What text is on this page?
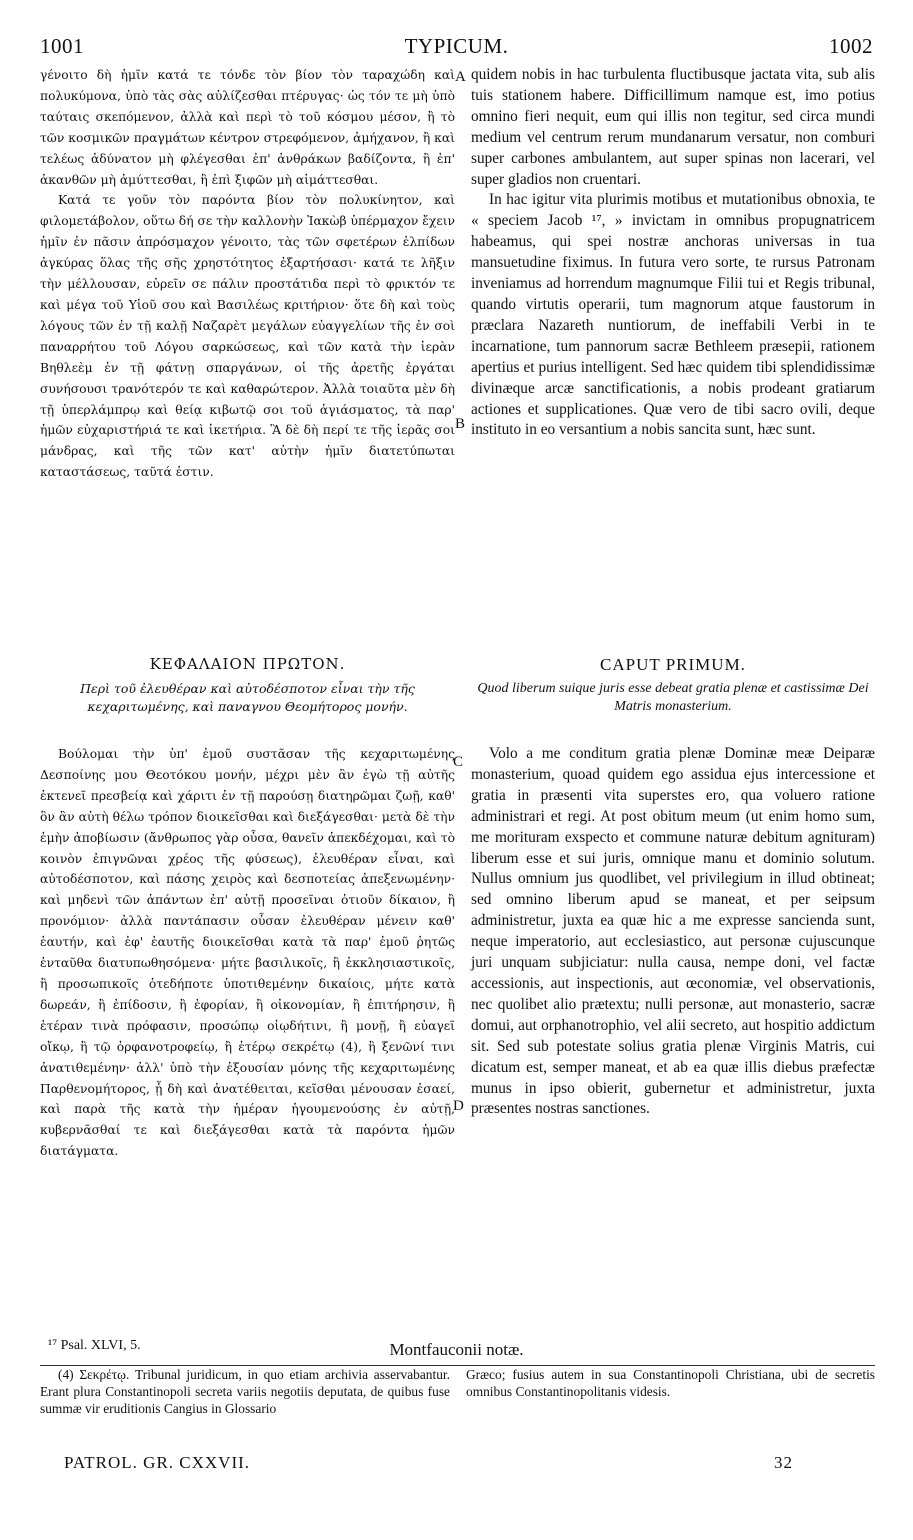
1001	TYPICUM.	1002

γένοιτο δὴ ἡμῖν κατά τε τόνδε τὸν βίον τὸν ταραχώδη καὶ πολυκύμονα, ὑπὸ τὰς σὰς αὐλίζεσθαι πτέρυγας· ὡς τόν τε μὴ ὑπὸ ταύταις σκεπόμενον, ἀλλὰ καὶ περὶ τὸ τοῦ κόσμου μέσον, ἢ τὸ τῶν κοσμικῶν πραγμάτων κέντρον στρεφόμενον, ἀμήχανον, ἢ καὶ τελέως ἀδύνατον μὴ φλέγεσθαι ἐπ' ἀνθράκων βαδίζοντα, ἢ ἐπ' ἀκανθῶν μὴ ἀμύττεσθαι, ἢ ἐπὶ ξιφῶν μὴ αἱμάττεσθαι.

Κατά τε γοῦν τὸν παρόντα βίον τὸν πολυκίνητον, καὶ φιλομετάβολον, οὕτω δή σε τὴν καλλονὴν Ἰακὼβ ὑπέρμαχον ἔχειν ἡμῖν ἐν πᾶσιν ἀπρόσμαχον γένοιτο, τὰς τῶν σφετέρων ἐλπίδων ἀγκύρας ὅλας τῆς σῆς χρηστότητος ἐξαρτήσασι· κατά τε λῆξιν τὴν μέλλουσαν, εὑρεῖν σε πάλιν προστάτιδα περὶ τὸ φρικτόν τε καὶ μέγα τοῦ Υἱοῦ σου καὶ Βασιλέως κριτήριον· ὅτε δὴ καὶ τοὺς λόγους τῶν ἐν τῇ καλῇ Ναζαρὲτ μεγάλων εὐαγγελίων τῆς ἐν σοὶ παναρρήτου τοῦ Λόγου σαρκώσεως, καὶ τῶν κατὰ τὴν ἱερὰν Βηθλεὲμ ἐν τῇ φάτνῃ σπαργάνων, οἱ τῆς ἀρετῆς ἐργάται συνήσουσι τρανότερόν τε καὶ καθαρώτερον. Ἀλλὰ τοιαῦτα μὲν δὴ τῇ ὑπερλάμπρῳ καὶ θείᾳ κιβωτῷ σοι τοῦ ἁγιάσματος, τὰ παρ' ἡμῶν εὐχαριστήριά τε καὶ ἱκετήρια. Ἃ δὲ δὴ περί τε τῆς ἱερᾶς σοι μάνδρας, καὶ τῆς τῶν κατ' αὐτὴν ἡμῖν διατετύπωται καταστάσεως, ταῦτά ἐστιν.

quidem nobis in hac turbulenta fluctibusque jactata vita, sub alis tuis stationem habere. Difficillimum namque est, imo potius omnino fieri nequit, eum qui illis non tegitur, sed circa mundi medium vel centrum rerum mundanarum versatur, non comburi super carbones ambulantem, aut super spinas non lacerari, vel super gladios non cruentari.

In hac igitur vita plurimis motibus et mutationibus obnoxia, te « speciem Jacob ¹⁷, » invictam in omnibus propugnatricem habeamus, qui spei nostræ anchoras universas in tua mansuetudine fiximus. In futura vero sorte, te rursus Patronam inveniamus ad horrendum magnumque Filii tui et Regis tribunal, quando virtutis operarii, tum magnorum atque faustorum in præclara Nazareth nuntiorum, de ineffabili Verbi in te incarnatione, tum pannorum sacræ Bethleem præsepii, rationem apertius et purius intelligent. Sed hæc quidem tibi splendidissimæ divinæque arcæ sanctificationis, a nobis prodeant gratiarum actiones et supplicationes. Quæ vero de tibi sacro ovili, deque instituto in eo versantium a nobis sancita sunt, hæc sunt.

A
B
C
D
ΚΕΦΑΛΑΙΟΝ ΠΡΩΤΟΝ.
Περὶ τοῦ ἐλευθέραν καὶ αὐτοδέσποτον εἶναι τὴν τῆς κεχαριτωμένης, καὶ παναγνου Θεομήτορος μονήν.
CAPUT PRIMUM.
Quod liberum suique juris esse debeat gratia plenæ et castissimæ Dei Matris monasterium.

Βούλομαι τὴν ὑπ' ἐμοῦ συστᾶσαν τῆς κεχαριτωμένης Δεσποίνης μου Θεοτόκου μονήν, μέχρι μὲν ἂν ἐγὼ τῇ αὐτῆς ἐκτενεῖ πρεσβείᾳ καὶ χάριτι ἐν τῇ παρούσῃ διατηρῶμαι ζωῇ, καθ' ὃν ἂν αὐτὴ θέλω τρόπον διοικεῖσθαι καὶ διεξάγεσθαι· μετὰ δὲ τὴν ἐμὴν ἀποβίωσιν (ἄνθρωπος γὰρ οὖσα, θανεῖν ἀπεκδέχομαι, καὶ τὸ κοινὸν ἐπιγνῶναι χρέος τῆς φύσεως), ἐλευθέραν εἶναι, καὶ αὐτοδέσποτον, καὶ πάσης χειρὸς καὶ δεσποτείας ἀπεξενωμένην· καὶ μηδενὶ τῶν ἁπάντων ἐπ' αὐτῇ προσεῖναι ὁτιοῦν δίκαιον, ἢ προνόμιον· ἀλλὰ παντάπασιν οὖσαν ἐλευθέραν μένειν καθ' ἑαυτήν, καὶ ἐφ' ἑαυτῆς διοικεῖσθαι κατὰ τὰ παρ' ἐμοῦ ῥητῶς ἐνταῦθα διατυπωθησόμενα· μήτε βασιλικοῖς, ἢ ἐκκλησιαστικοῖς, ἢ προσωπικοῖς ὁτεδήποτε ὑποτιθεμένην δικαίοις, μήτε κατὰ δωρεάν, ἢ ἐπίδοσιν, ἢ ἐφορίαν, ἢ οἰκονομίαν, ἢ ἐπιτήρησιν, ἢ ἑτέραν τινὰ πρόφασιν, προσώπῳ οἱῳδήτινι, ἢ μονῇ, ἢ εὐαγεῖ οἴκῳ, ἢ τῷ ὀρφανοτροφείῳ, ἢ ἑτέρῳ σεκρέτῳ (4), ἢ ξενῶνί τινι ἀνατιθεμένην· ἀλλ' ὑπὸ τὴν ἐξουσίαν μόνης τῆς κεχαριτωμένης Παρθενομήτορος, ᾗ δὴ καὶ ἀνατέθειται, κεῖσθαι μένουσαν ἐσαεί, καὶ παρὰ τῆς κατὰ τὴν ἡμέραν ἡγουμενούσης ἐν αὐτῇ, κυβερνᾶσθαί τε καὶ διεξάγεσθαι κατὰ τὰ παρόντα ἡμῶν διατάγματα.

Volo a me conditum gratia plenæ Dominæ meæ Deiparæ monasterium, quoad quidem ego assidua ejus intercessione et gratia in præsenti vita superstes ero, qua voluero ratione administrari et regi. At post obitum meum (ut enim homo sum, me morituram exspecto et commune naturæ debitum agnituram) liberum esse et sui juris, omnique manu et dominio solutum. Nullus omnium jus quodlibet, vel privilegium in illud obtineat; sed omnino liberum apud se maneat, et per seipsum administretur, juxta ea quæ hic a me expresse sancienda sunt, neque imperatorio, aut ecclesiastico, aut personæ cujuscunque juri unquam subjiciatur: nulla causa, nempe doni, vel factæ accessionis, aut inspectionis, aut œconomiæ, vel observationis, nec quolibet alio prætextu; nulli personæ, aut monasterio, sacræ domui, aut orphanotrophio, vel alii secreto, aut hospitio addictum sit. Sed sub potestate solius gratia plenæ Virginis Matris, cui dicatum est, semper maneat, et ab ea quæ illis diebus præfectæ munus in ipso obierit, gubernetur et administretur, juxta præsentes nostras sanctiones.

¹⁷ Psal. XLVI, 5.	Montfauconii notæ.

(4) Σεκρέτῳ. Tribunal juridicum, in quo etiam archivia asservabantur. Erant plura Constantinopoli secreta variis negotiis deputata, de quibus fuse summæ vir eruditionis Cangius in Glossario

Græco; fusius autem in sua Constantinopoli Christiana, ubi de secretis omnibus Constantinopolitanis videsis.

PATROL. GR. CXXVII.	32
